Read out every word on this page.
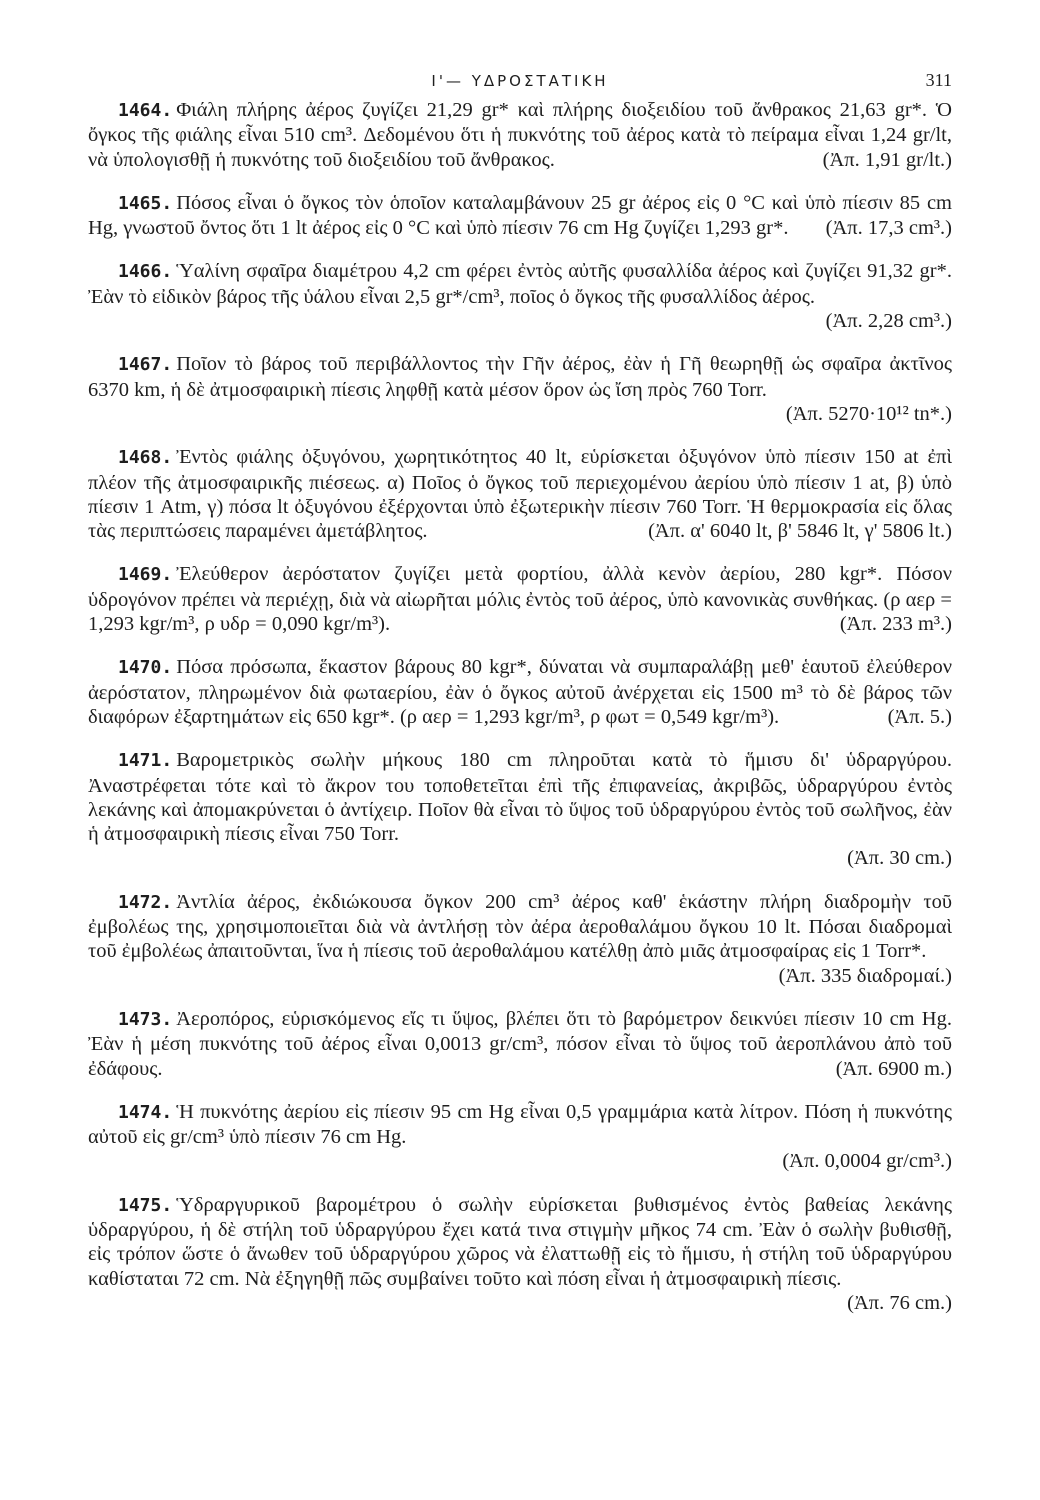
Ι'— ΥΔΡΟΣΤΑΤΙΚΗ	311

1464. Φιάλη πλήρης ἀέρος ζυγίζει 21,29 gr* καὶ πλήρης διοξειδίου τοῦ ἄνθρακος 21,63 gr*. Ὁ ὄγκος τῆς φιάλης εἶναι 510 cm³. Δεδομένου ὅτι ἡ πυκνότης τοῦ ἀέρος κατὰ τὸ πείραμα εἶναι 1,24 gr/lt, νὰ ὑπολογισθῇ ἡ πυκνότης τοῦ διοξειδίου τοῦ ἄνθρακος.	(Ἀπ. 1,91 gr/lt.)

1465. Πόσος εἶναι ὁ ὄγκος τὸν ὁποῖον καταλαμβάνουν 25 gr ἀέρος εἰς 0 °C καὶ ὑπὸ πίεσιν 85 cm Hg, γνωστοῦ ὄντος ὅτι 1 lt ἀέρος εἰς 0 °C καὶ ὑπὸ πίεσιν 76 cm Hg ζυγίζει 1,293 gr*. (Ἀπ. 17,3 cm³.)

1466. Ὑαλίνη σφαῖρα διαμέτρου 4,2 cm φέρει ἐντὸς αὐτῆς φυσαλλίδα ἀέρος καὶ ζυγίζει 91,32 gr*. Ἐὰν τὸ εἰδικὸν βάρος τῆς ὑάλου εἶναι 2,5 gr*/cm³, ποῖος ὁ ὄγκος τῆς φυσαλλίδος ἀέρος.
(Ἀπ. 2,28 cm³.)

1467. Ποῖον τὸ βάρος τοῦ περιβάλλοντος τὴν Γῆν ἀέρος, ἐὰν ἡ Γῆ θεωρηθῇ ὡς σφαῖρα ἀκτῖνος 6370 km, ἡ δὲ ἀτμοσφαιρικὴ πίεσις ληφθῇ κατὰ μέσον ὅρον ὡς ἴση πρὸς 760 Torr.
(Ἀπ. 5270·10¹² tn*.)

1468. Ἐντὸς φιάλης ὀξυγόνου, χωρητικότητος 40 lt, εὑρίσκεται ὀξυγόνον ὑπὸ πίεσιν 150 at ἐπὶ πλέον τῆς ἀτμοσφαιρικῆς πιέσεως. α) Ποῖος ὁ ὄγκος τοῦ περιεχομένου ἀερίου ὑπὸ πίεσιν 1 at, β) ὑπὸ πίεσιν 1 Atm, γ) πόσα lt ὀξυγόνου ἐξέρχονται ὑπὸ ἐξωτερικὴν πίεσιν 760 Torr. Ἡ θερμοκρασία εἰς ὅλας τὰς περιπτώσεις παραμένει ἀμετάβλητος.	(Ἀπ. α' 6040 lt, β' 5846 lt, γ' 5806 lt.)

1469. Ἐλεύθερον ἀερόστατον ζυγίζει μετὰ φορτίου, ἀλλὰ κενὸν ἀερίου, 280 kgr*. Πόσον ὑδρογόνον πρέπει νὰ περιέχῃ, διὰ νὰ αἰωρῆται μόλις ἐντὸς τοῦ ἀέρος, ὑπὸ κανονικὰς συνθήκας. (ρ αερ = 1,293 kgr/m³, ρ υδρ = 0,090 kgr/m³).	(Ἀπ. 233 m³.)

1470. Πόσα πρόσωπα, ἕκαστον βάρους 80 kgr*, δύναται νὰ συμπαραλάβῃ μεθ' ἑαυτοῦ ἐλεύθερον ἀερόστατον, πληρωμένον διὰ φωταερίου, ἐὰν ὁ ὄγκος αὐτοῦ ἀνέρχεται εἰς 1500 m³ τὸ δὲ βάρος τῶν διαφόρων ἐξαρτημάτων εἰς 650 kgr*. (ρ αερ = 1,293 kgr/m³, ρ φωτ = 0,549 kgr/m³).	(Ἀπ. 5.)

1471. Βαρομετρικὸς σωλὴν μήκους 180 cm πληροῦται κατὰ τὸ ἥμισυ δι' ὑδραργύρου. Ἀναστρέφεται τότε καὶ τὸ ἄκρον του τοποθετεῖται ἐπὶ τῆς ἐπιφανείας, ἀκριβῶς, ὑδραργύρου ἐντὸς λεκάνης καὶ ἀπομακρύνεται ὁ ἀντίχειρ. Ποῖον θὰ εἶναι τὸ ὕψος τοῦ ὑδραργύρου ἐντὸς τοῦ σωλῆνος, ἐὰν ἡ ἀτμοσφαιρικὴ πίεσις εἶναι 750 Torr.
(Ἀπ. 30 cm.)

1472. Ἀντλία ἀέρος, ἐκδιώκουσα ὄγκον 200 cm³ ἀέρος καθ' ἑκάστην πλήρη διαδρομὴν τοῦ ἐμβολέως της, χρησιμοποιεῖται διὰ νὰ ἀντλήσῃ τὸν ἀέρα ἀεροθαλάμου ὄγκου 10 lt. Πόσαι διαδρομαὶ τοῦ ἐμβολέως ἀπαιτοῦνται, ἵνα ἡ πίεσις τοῦ ἀεροθαλάμου κατέλθῃ ἀπὸ μιᾶς ἀτμοσφαίρας εἰς 1 Torr*.
(Ἀπ. 335 διαδρομαί.)

1473. Ἀεροπόρος, εὑρισκόμενος εἴς τι ὕψος, βλέπει ὅτι τὸ βαρόμετρον δεικνύει πίεσιν 10 cm Hg. Ἐὰν ἡ μέση πυκνότης τοῦ ἀέρος εἶναι 0,0013 gr/cm³, πόσον εἶναι τὸ ὕψος τοῦ ἀεροπλάνου ἀπὸ τοῦ ἐδάφους.	(Ἀπ. 6900 m.)

1474. Ἡ πυκνότης ἀερίου εἰς πίεσιν 95 cm Hg εἶναι 0,5 γραμμάρια κατὰ λίτρον. Πόση ἡ πυκνότης αὐτοῦ εἰς gr/cm³ ὑπὸ πίεσιν 76 cm Hg.
(Ἀπ. 0,0004 gr/cm³.)

1475. Ὑδραργυρικοῦ βαρομέτρου ὁ σωλὴν εὑρίσκεται βυθισμένος ἐντὸς βαθείας λεκάνης ὑδραργύρου, ἡ δὲ στήλη τοῦ ὑδραργύρου ἔχει κατά τινα στιγμὴν μῆκος 74 cm. Ἐὰν ὁ σωλὴν βυθισθῇ, εἰς τρόπον ὥστε ὁ ἄνωθεν τοῦ ὑδραργύρου χῶρος νὰ ἐλαττωθῇ εἰς τὸ ἥμισυ, ἡ στήλη τοῦ ὑδραργύρου καθίσταται 72 cm. Νὰ ἐξηγηθῇ πῶς συμβαίνει τοῦτο καὶ πόση εἶναι ἡ ἀτμοσφαιρικὴ πίεσις.
(Ἀπ. 76 cm.)
